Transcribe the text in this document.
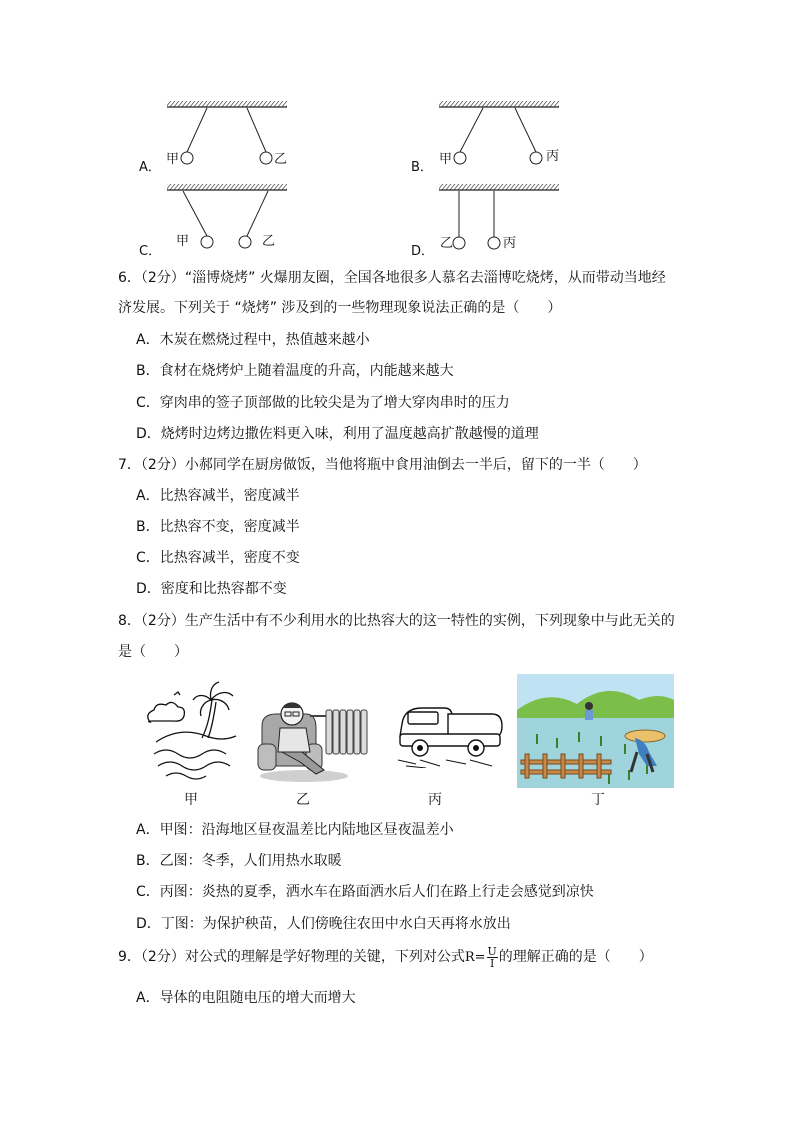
A．
甲	乙
B．
甲	丙
C．
甲	乙
D．
乙	丙
6．（2分）“淄博烧烤” 火爆朋友圈，全国各地很多人慕名去淄博吃烧烤，从而带动当地经
济发展。下列关于 “烧烤” 涉及到的一些物理现象说法正确的是（　　）
A．木炭在燃烧过程中，热值越来越小
B．食材在烧烤炉上随着温度的升高，内能越来越大
C．穿肉串的签子顶部做的比较尖是为了增大穿肉串时的压力
D．烧烤时边烤边撒佐料更入味，利用了温度越高扩散越慢的道理
7．（2分）小郝同学在厨房做饭，当他将瓶中食用油倒去一半后，留下的一半（　　）
A．比热容减半，密度减半
B．比热容不变，密度减半
C．比热容减半，密度不变
D．密度和比热容都不变
8．（2分）生产生活中有不少利用水的比热容大的这一特性的实例，下列现象中与此无关的
是（　　）
甲	乙	丙	丁
A．甲图：沿海地区昼夜温差比内陆地区昼夜温差小
B．乙图：冬季，人们用热水取暖
C．丙图：炎热的夏季，洒水车在路面洒水后人们在路上行走会感觉到凉快
D．丁图：为保护秧苗，人们傍晚往农田中水白天再将水放出
9．（2分）对公式的理解是学好物理的关键，下列对公式$R= \frac{U}{I}$ 的理解正确的是（　　）
A．导体的电阻随电压的增大而增大
